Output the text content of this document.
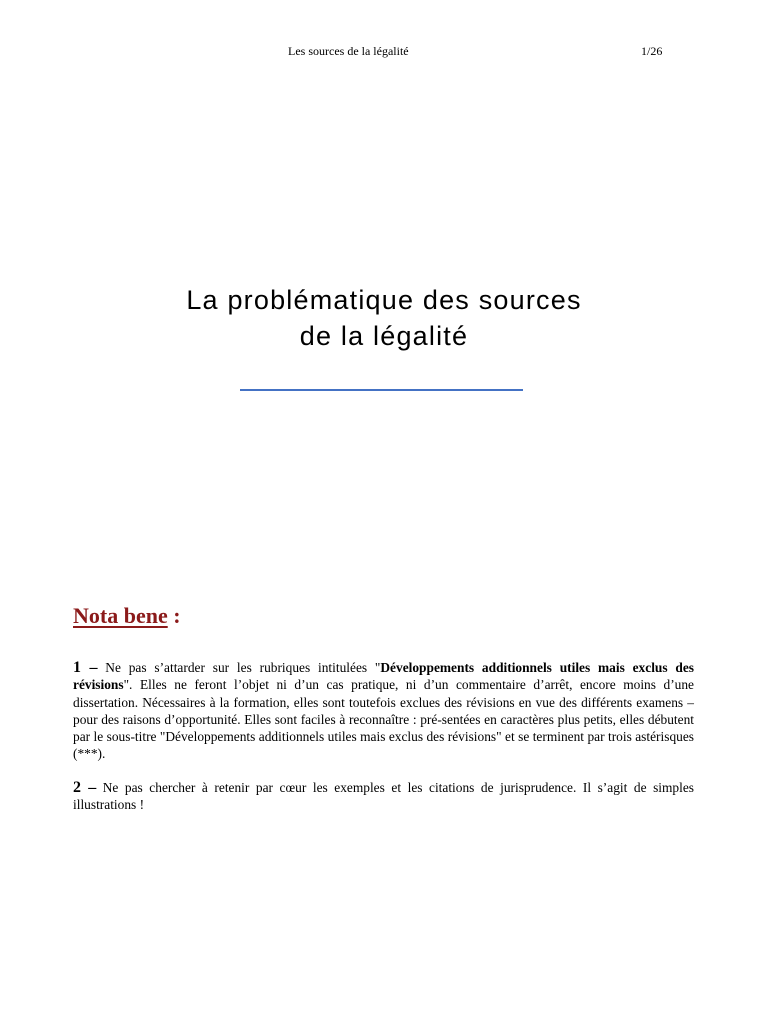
Les sources de la légalité	1/26
La problématique des sources
de la légalité
Nota bene :

1 – Ne pas s’attarder sur les rubriques intitulées "Développements additionnels utiles mais exclus des révisions". Elles ne feront l’objet ni d’un cas pratique, ni d’un commentaire d’arrêt, encore moins d’une dissertation. Nécessaires à la formation, elles sont toutefois exclues des révisions en vue des différents examens – pour des raisons d’opportunité. Elles sont faciles à reconnaître : pré-sentées en caractères plus petits, elles débutent par le sous-titre "Développements additionnels utiles mais exclus des révisions" et se terminent par trois astérisques (***).

2 – Ne pas chercher à retenir par cœur les exemples et les citations de jurisprudence. Il s’agit de simples illustrations !
